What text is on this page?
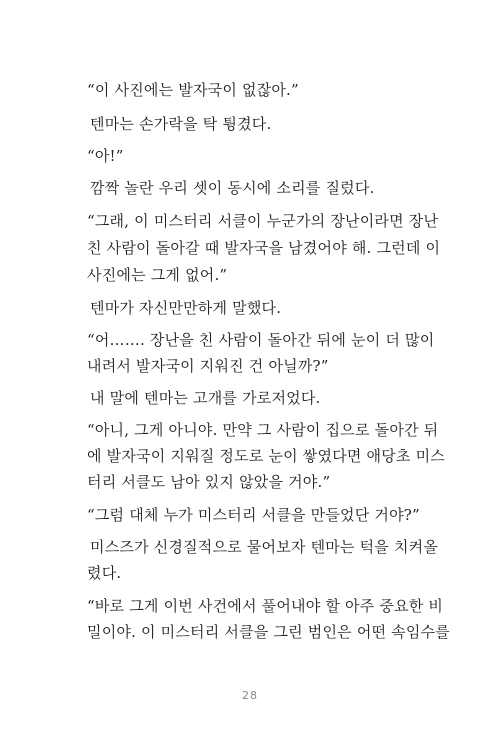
“이 사진에는 발자국이 없잖아.”
텐마는 손가락을 탁 튕겼다.
“아!”
깜짝 놀란 우리 셋이 동시에 소리를 질렀다.
“그래, 이 미스터리 서클이 누군가의 장난이라면 장난
친 사람이 돌아갈 때 발자국을 남겼어야 해. 그런데 이
사진에는 그게 없어.”
텐마가 자신만만하게 말했다.
“어……. 장난을 친 사람이 돌아간 뒤에 눈이 더 많이
내려서 발자국이 지워진 건 아닐까?”
내 말에 텐마는 고개를 가로저었다.
“아니, 그게 아니야. 만약 그 사람이 집으로 돌아간 뒤
에 발자국이 지워질 정도로 눈이 쌓였다면 애당초 미스
터리 서클도 남아 있지 않았을 거야.”
“그럼 대체 누가 미스터리 서클을 만들었단 거야?”
미스즈가 신경질적으로 물어보자 텐마는 턱을 치켜올
렸다.
“바로 그게 이번 사건에서 풀어내야 할 아주 중요한 비
밀이야. 이 미스터리 서클을 그린 범인은 어떤 속임수를
28
